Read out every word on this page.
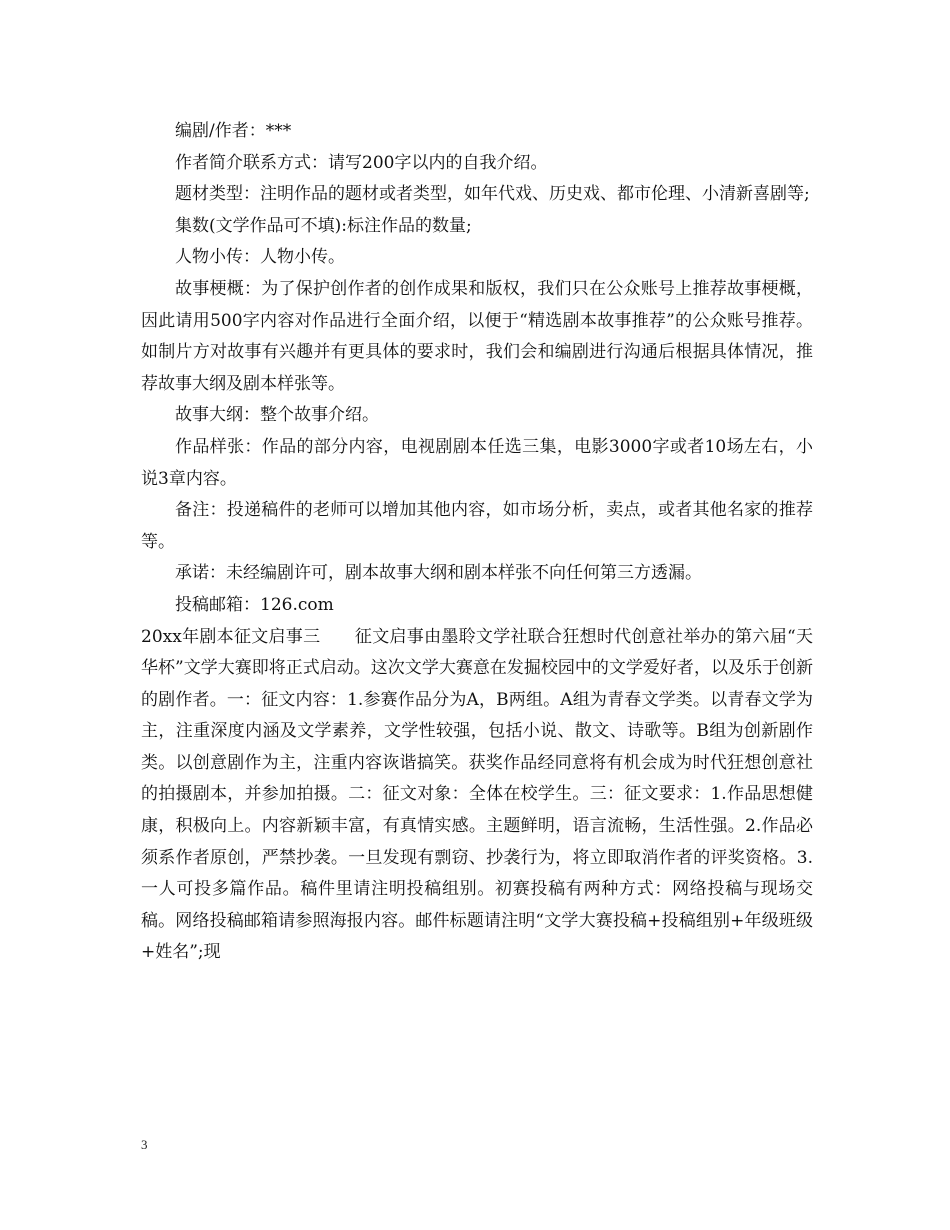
编剧/作者：***

作者简介联系方式：请写200字以内的自我介绍。

题材类型：注明作品的题材或者类型，如年代戏、历史戏、都市伦理、小清新喜剧等;

集数(文学作品可不填):标注作品的数量;

人物小传：人物小传。

故事梗概：为了保护创作者的创作成果和版权，我们只在公众账号上推荐故事梗概，因此请用500字内容对作品进行全面介绍，以便于“精选剧本故事推荐”的公众账号推荐。如制片方对故事有兴趣并有更具体的要求时，我们会和编剧进行沟通后根据具体情况，推荐故事大纲及剧本样张等。

故事大纲：整个故事介绍。

作品样张：作品的部分内容，电视剧剧本任选三集，电影3000字或者10场左右，小说3章内容。

备注：投递稿件的老师可以增加其他内容，如市场分析，卖点，或者其他名家的推荐等。

承诺：未经编剧许可，剧本故事大纲和剧本样张不向任何第三方透漏。

投稿邮箱：126.com

20xx年剧本征文启事三　　征文启事由墨聆文学社联合狂想时代创意社举办的第六届“天华杯”文学大赛即将正式启动。这次文学大赛意在发掘校园中的文学爱好者，以及乐于创新的剧作者。一：征文内容：1.参赛作品分为A，B两组。A组为青春文学类。以青春文学为主，注重深度内涵及文学素养，文学性较强，包括小说、散文、诗歌等。B组为创新剧作类。以创意剧作为主，注重内容诙谐搞笑。获奖作品经同意将有机会成为时代狂想创意社的拍摄剧本，并参加拍摄。二：征文对象：全体在校学生。三：征文要求：1.作品思想健康，积极向上。内容新颖丰富，有真情实感。主题鲜明，语言流畅，生活性强。2.作品必须系作者原创，严禁抄袭。一旦发现有剽窃、抄袭行为，将立即取消作者的评奖资格。3.一人可投多篇作品。稿件里请注明投稿组别。初赛投稿有两种方式：网络投稿与现场交稿。网络投稿邮箱请参照海报内容。邮件标题请注明“文学大赛投稿+投稿组别+年级班级+姓名”;现

3
